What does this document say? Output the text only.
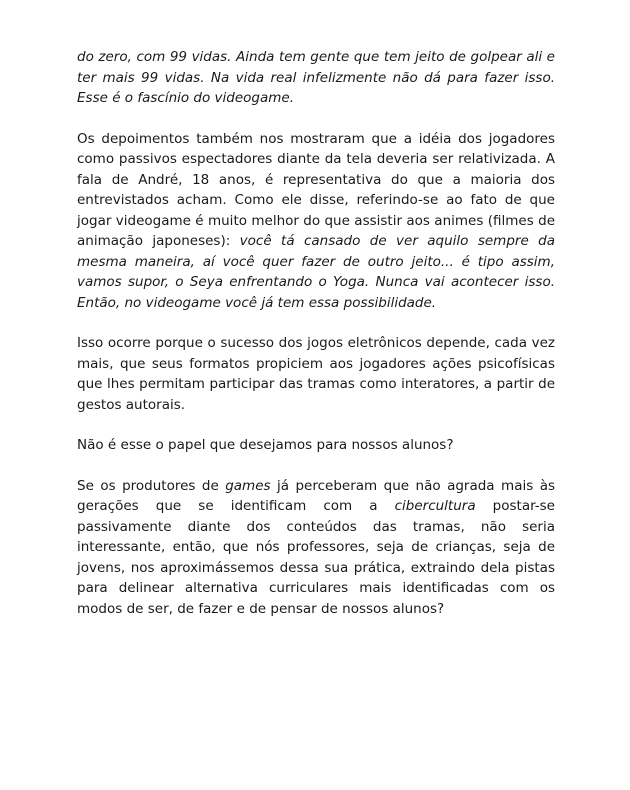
do zero, com 99 vidas. Ainda tem gente que tem jeito de golpear ali e ter mais 99 vidas. Na vida real infelizmente não dá para fazer isso. Esse é o fascínio do videogame.

Os depoimentos também nos mostraram que a idéia dos jogadores como passivos espectadores diante da tela deveria ser relativizada. A fala de André, 18 anos, é representativa do que a maioria dos entrevistados acham. Como ele disse, referindo-se ao fato de que jogar videogame é muito melhor do que assistir aos animes (filmes de animação japoneses): você tá cansado de ver aquilo sempre da mesma maneira, aí você quer fazer de outro jeito... é tipo assim, vamos supor, o Seya enfrentando o Yoga. Nunca vai acontecer isso. Então, no videogame você já tem essa possibilidade.

Isso ocorre porque o sucesso dos jogos eletrônicos depende, cada vez mais, que seus formatos propiciem aos jogadores ações psicofísicas que lhes permitam participar das tramas como interatores, a partir de gestos autorais.

Não é esse o papel que desejamos para nossos alunos?

Se os produtores de games já perceberam que não agrada mais às gerações que se identificam com a cibercultura postar-se passivamente diante dos conteúdos das tramas, não seria interessante, então, que nós professores, seja de crianças, seja de jovens, nos aproximássemos dessa sua prática, extraindo dela pistas para delinear alternativa curriculares mais identificadas com os modos de ser, de fazer e de pensar de nossos alunos?
